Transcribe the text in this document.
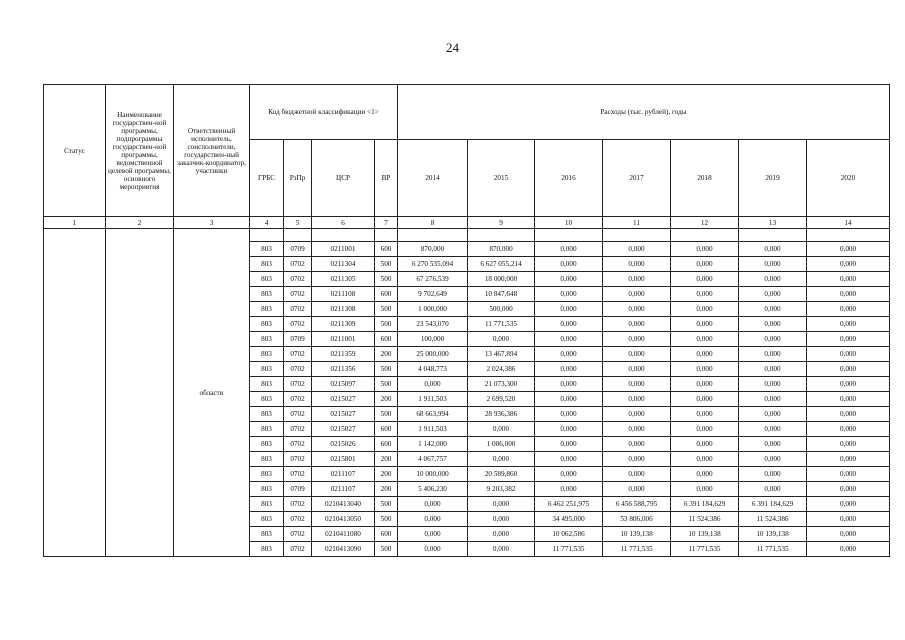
24
Статус	Наименование государствен-ной программы, подпрограммы государствен-ной программы, ведомственной целевой программы, основного мероприятия	Ответственный исполнитель, соисполнители, государствен-ный заказчик-координатор, участники	Код бюджетной классификации <1>				Расходы (тыс. рублей), годы						
			ГРБС	РзПр	ЦСР	ВР	2014	2015	2016	2017	2018	2019	2020
1	2	3	4	5	6	7	8	9	10	11	12	13	14
		области											
			803	0709	0211001	600	870,000	870,000	0,000	0,000	0,000	0,000	0,000
			803	0702	0211304	500	6 270 535,094	6 627 055,214	0,000	0,000	0,000	0,000	0,000
			803	0702	0211305	500	67 276,539	18 000,000	0,000	0,000	0,000	0,000	0,000
			803	0702	0211108	600	9 702,649	10 847,648	0,000	0,000	0,000	0,000	0,000
			803	0702	0211308	500	1 000,000	500,000	0,000	0,000	0,000	0,000	0,000
			803	0702	0211309	500	23 543,070	11 771,535	0,000	0,000	0,000	0,000	0,000
			803	0709	0211001	600	100,000	0,000	0,000	0,000	0,000	0,000	0,000
			803	0702	0211359	200	25 000,000	13 467,894	0,000	0,000	0,000	0,000	0,000
			803	0702	0211356	500	4 048,773	2 024,386	0,000	0,000	0,000	0,000	0,000
			803	0702	0215097	500	0,000	21 073,300	0,000	0,000	0,000	0,000	0,000
			803	0702	0215027	200	1 911,503	2 699,520	0,000	0,000	0,000	0,000	0,000
			803	0702	0215027	500	68 663,994	28 936,386	0,000	0,000	0,000	0,000	0,000
			803	0702	0215027	600	1 911,503	0,000	0,000	0,000	0,000	0,000	0,000
			803	0702	0215026	600	1 142,000	1 006,000	0,000	0,000	0,000	0,000	0,000
			803	0702	0215801	200	4 067,757	0,000	0,000	0,000	0,000	0,000	0,000
			803	0702	0211107	200	10 000,000	20 589,860	0,000	0,000	0,000	0,000	0,000
			803	0709	0211107	200	5 406,230	9 203,382	0,000	0,000	0,000	0,000	0,000
			803	0702	0210413040	500	0,000	0,000	6 462 251,975	6 456 588,795	6 391 184,629	6 391 184,629	0,000
			803	0702	0210413050	500	0,000	0,000	34 495,000	53 806,006	11 524,386	11 524,386	0,000
			803	0702	0210411080	600	0,000	0,000	10 062,586	10 139,138	10 139,138	10 139,138	0,000
			803	0702	0210413090	500	0,000	0,000	11 771,535	11 771,535	11 771,535	11 771,535	0,000
